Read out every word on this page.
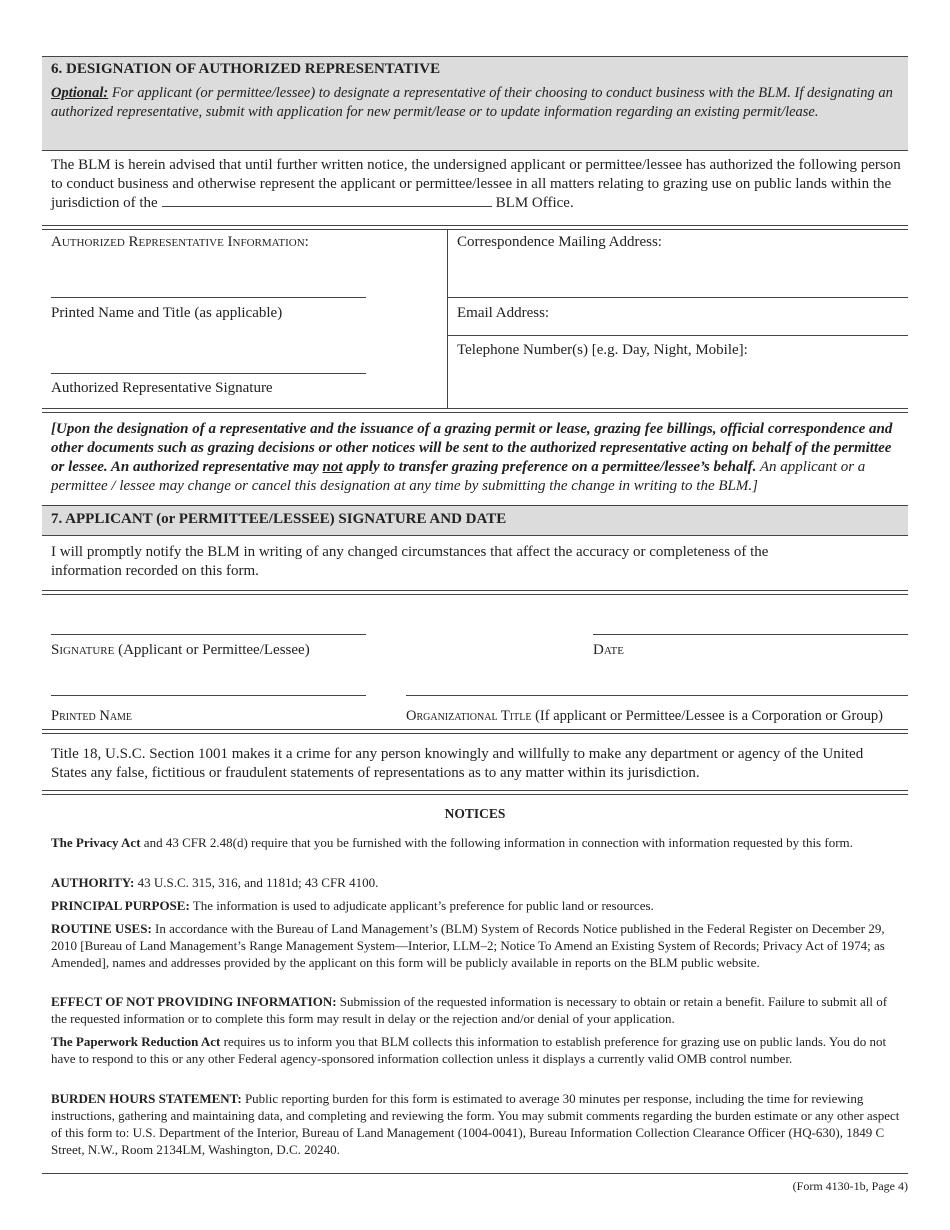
6. DESIGNATION OF AUTHORIZED REPRESENTATIVE
Optional: For applicant (or permittee/lessee) to designate a representative of their choosing to conduct business with the BLM. If designating an authorized representative, submit with application for new permit/lease or to update information regarding an existing permit/lease.
The BLM is herein advised that until further written notice, the undersigned applicant or permittee/lessee has authorized the following person to conduct business and otherwise represent the applicant or permittee/lessee in all matters relating to grazing use on public lands within the jurisdiction of the	BLM Office.
Authorized Representative Information:
Printed Name and Title (as applicable)
Authorized Representative Signature
Correspondence Mailing Address:
Email Address:
Telephone Number(s) [e.g. Day, Night, Mobile]:
[Upon the designation of a representative and the issuance of a grazing permit or lease, grazing fee billings, official correspondence and other documents such as grazing decisions or other notices will be sent to the authorized representative acting on behalf of the permittee or lessee. An authorized representative may not apply to transfer grazing preference on a permittee/lessee’s behalf. An applicant or a permittee / lessee may change or cancel this designation at any time by submitting the change in writing to the BLM.]
7. APPLICANT (or PERMITTEE/LESSEE) SIGNATURE AND DATE
I will promptly notify the BLM in writing of any changed circumstances that affect the accuracy or completeness of the information recorded on this form.
Signature (Applicant or Permittee/Lessee)	Date
Printed Name	Organizational Title (If applicant or Permittee/Lessee is a Corporation or Group)
Title 18, U.S.C. Section 1001 makes it a crime for any person knowingly and willfully to make any department or agency of the United States any false, fictitious or fraudulent statements of representations as to any matter within its jurisdiction.
NOTICES
The Privacy Act and 43 CFR 2.48(d) require that you be furnished with the following information in connection with information requested by this form.
AUTHORITY: 43 U.S.C. 315, 316, and 1181d; 43 CFR 4100.
PRINCIPAL PURPOSE: The information is used to adjudicate applicant’s preference for public land or resources.
ROUTINE USES: In accordance with the Bureau of Land Management’s (BLM) System of Records Notice published in the Federal Register on December 29, 2010 [Bureau of Land Management’s Range Management System—Interior, LLM–2; Notice To Amend an Existing System of Records; Privacy Act of 1974; as Amended], names and addresses provided by the applicant on this form will be publicly available in reports on the BLM public website.
EFFECT OF NOT PROVIDING INFORMATION: Submission of the requested information is necessary to obtain or retain a benefit. Failure to submit all of the requested information or to complete this form may result in delay or the rejection and/or denial of your application.
The Paperwork Reduction Act requires us to inform you that BLM collects this information to establish preference for grazing use on public lands. You do not have to respond to this or any other Federal agency-sponsored information collection unless it displays a currently valid OMB control number.
BURDEN HOURS STATEMENT: Public reporting burden for this form is estimated to average 30 minutes per response, including the time for reviewing instructions, gathering and maintaining data, and completing and reviewing the form. You may submit comments regarding the burden estimate or any other aspect of this form to: U.S. Department of the Interior, Bureau of Land Management (1004-0041), Bureau Information Collection Clearance Officer (HQ-630), 1849 C Street, N.W., Room 2134LM, Washington, D.C. 20240.
(Form 4130-1b, Page 4)
